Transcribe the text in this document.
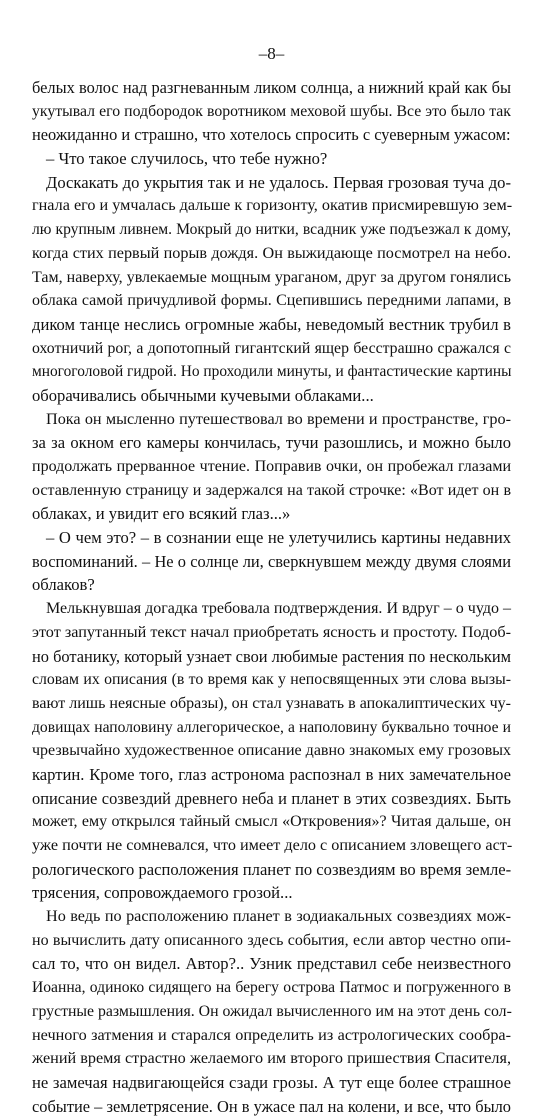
–8–
белых волос над разгневанным ликом солнца, а нижний край как бы
укутывал его подбородок воротником меховой шубы. Все это было так
неожиданно и страшно, что хотелось спросить с суеверным ужасом:
– Что такое случилось, что тебе нужно?
Доскакать до укрытия так и не удалось. Первая грозовая туча до-
гнала его и умчалась дальше к горизонту, окатив присмиревшую зем-
лю крупным ливнем. Мокрый до нитки, всадник уже подъезжал к дому,
когда стих первый порыв дождя. Он выжидающе посмотрел на небо.
Там, наверху, увлекаемые мощным ураганом, друг за другом гонялись
облака самой причудливой формы. Сцепившись передними лапами, в
диком танце неслись огромные жабы, неведомый вестник трубил в
охотничий рог, а допотопный гигантский ящер бесстрашно сражался с
многоголовой гидрой. Но проходили минуты, и фантастические картины
оборачивались обычными кучевыми облаками...
Пока он мысленно путешествовал во времени и пространстве, гро-
за за окном его камеры кончилась, тучи разошлись, и можно было
продолжать прерванное чтение. Поправив очки, он пробежал глазами
оставленную страницу и задержался на такой строчке: «Вот идет он в
облаках, и увидит его всякий глаз...»
– О чем это? – в сознании еще не улетучились картины недавних
воспоминаний. – Не о солнце ли, сверкнувшем между двумя слоями
облаков?
Мелькнувшая догадка требовала подтверждения. И вдруг – о чудо –
этот запутанный текст начал приобретать ясность и простоту. Подоб-
но ботанику, который узнает свои любимые растения по нескольким
словам их описания (в то время как у непосвященных эти слова вызы-
вают лишь неясные образы), он стал узнавать в апокалиптических чу-
довищах наполовину аллегорическое, а наполовину буквально точное и
чрезвычайно художественное описание давно знакомых ему грозовых
картин. Кроме того, глаз астронома распознал в них замечательное
описание созвездий древнего неба и планет в этих созвездиях. Быть
может, ему открылся тайный смысл «Откровения»? Читая дальше, он
уже почти не сомневался, что имеет дело с описанием зловещего аст-
рологического расположения планет по созвездиям во время земле-
трясения, сопровождаемого грозой...
Но ведь по расположению планет в зодиакальных созвездиях мож-
но вычислить дату описанного здесь события, если автор честно опи-
сал то, что он видел. Автор?.. Узник представил себе неизвестного
Иоанна, одиноко сидящего на берегу острова Патмос и погруженного в
грустные размышления. Он ожидал вычисленного им на этот день сол-
нечного затмения и старался определить из астрологических сообра-
жений время страстно желаемого им второго пришествия Спасителя,
не замечая надвигающейся сзади грозы. А тут еще более страшное
событие – землетрясение. Он в ужасе пал на колени, и все, что было
